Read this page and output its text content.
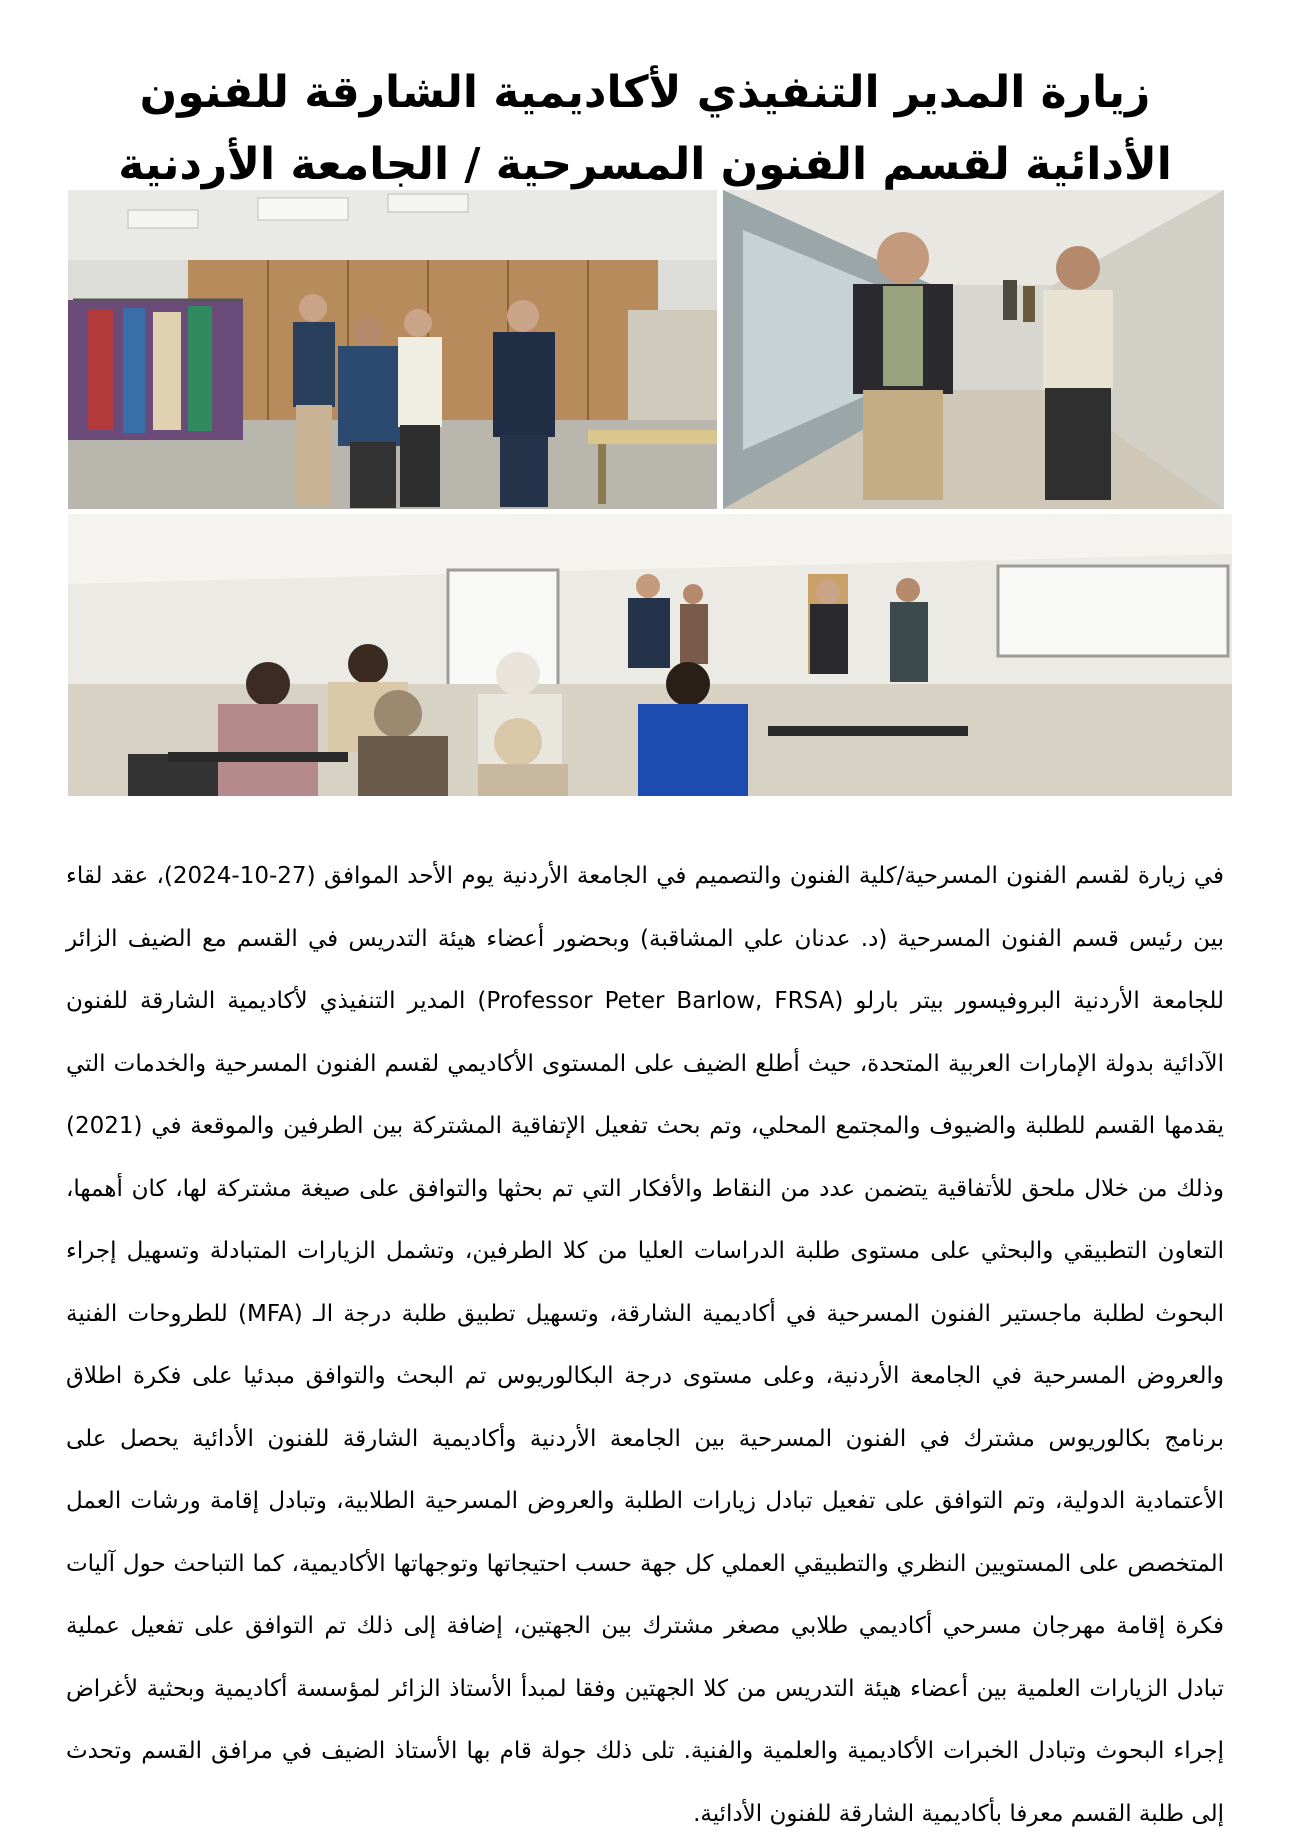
زيارة المدير التنفيذي لأكاديمية الشارقة للفنون الأدائية لقسم الفنون المسرحية / الجامعة الأردنية

في زيارة لقسم الفنون المسرحية/كلية الفنون والتصميم في الجامعة الأردنية يوم الأحد الموافق (27-10-2024)، عقد لقاء بين رئيس قسم الفنون المسرحية (د. عدنان علي المشاقبة) وبحضور أعضاء هيئة التدريس في القسم مع الضيف الزائر للجامعة الأردنية البروفيسور بيتر بارلو (Professor Peter Barlow, FRSA) المدير التنفيذي لأكاديمية الشارقة للفنون الآدائية بدولة الإمارات العربية المتحدة، حيث أطلع الضيف على المستوى الأكاديمي لقسم الفنون المسرحية والخدمات التي يقدمها القسم للطلبة والضيوف والمجتمع المحلي، وتم بحث تفعيل الإتفاقية المشتركة بين الطرفين والموقعة في (2021) وذلك من خلال ملحق للأتفاقية يتضمن عدد من النقاط والأفكار التي تم بحثها والتوافق على صيغة مشتركة لها، كان أهمها، التعاون التطبيقي والبحثي على مستوى طلبة الدراسات العليا من كلا الطرفين، وتشمل الزيارات المتبادلة وتسهيل إجراء البحوث لطلبة ماجستير الفنون المسرحية في أكاديمية الشارقة، وتسهيل تطبيق طلبة درجة الـ (MFA) للطروحات الفنية والعروض المسرحية في الجامعة الأردنية، وعلى مستوى درجة البكالوريوس تم البحث والتوافق مبدئيا على فكرة اطلاق برنامج بكالوريوس مشترك في الفنون المسرحية بين الجامعة الأردنية وأكاديمية الشارقة للفنون الأدائية يحصل على الأعتمادية الدولية، وتم التوافق على تفعيل تبادل زيارات الطلبة والعروض المسرحية الطلابية، وتبادل إقامة ورشات العمل المتخصص على المستويين النظري والتطبيقي العملي كل جهة حسب احتيجاتها وتوجهاتها الأكاديمية، كما التباحث حول آليات فكرة إقامة مهرجان مسرحي أكاديمي طلابي مصغر مشترك بين الجهتين، إضافة إلى ذلك تم التوافق على تفعيل عملية تبادل الزيارات العلمية بين أعضاء هيئة التدريس من كلا الجهتين وفقا لمبدأ الأستاذ الزائر لمؤسسة أكاديمية وبحثية لأغراض إجراء البحوث وتبادل الخبرات الأكاديمية والعلمية والفنية. تلى ذلك جولة قام بها الأستاذ الضيف في مرافق القسم وتحدث إلى طلبة القسم معرفا بأكاديمية الشارقة للفنون الأدائية.
